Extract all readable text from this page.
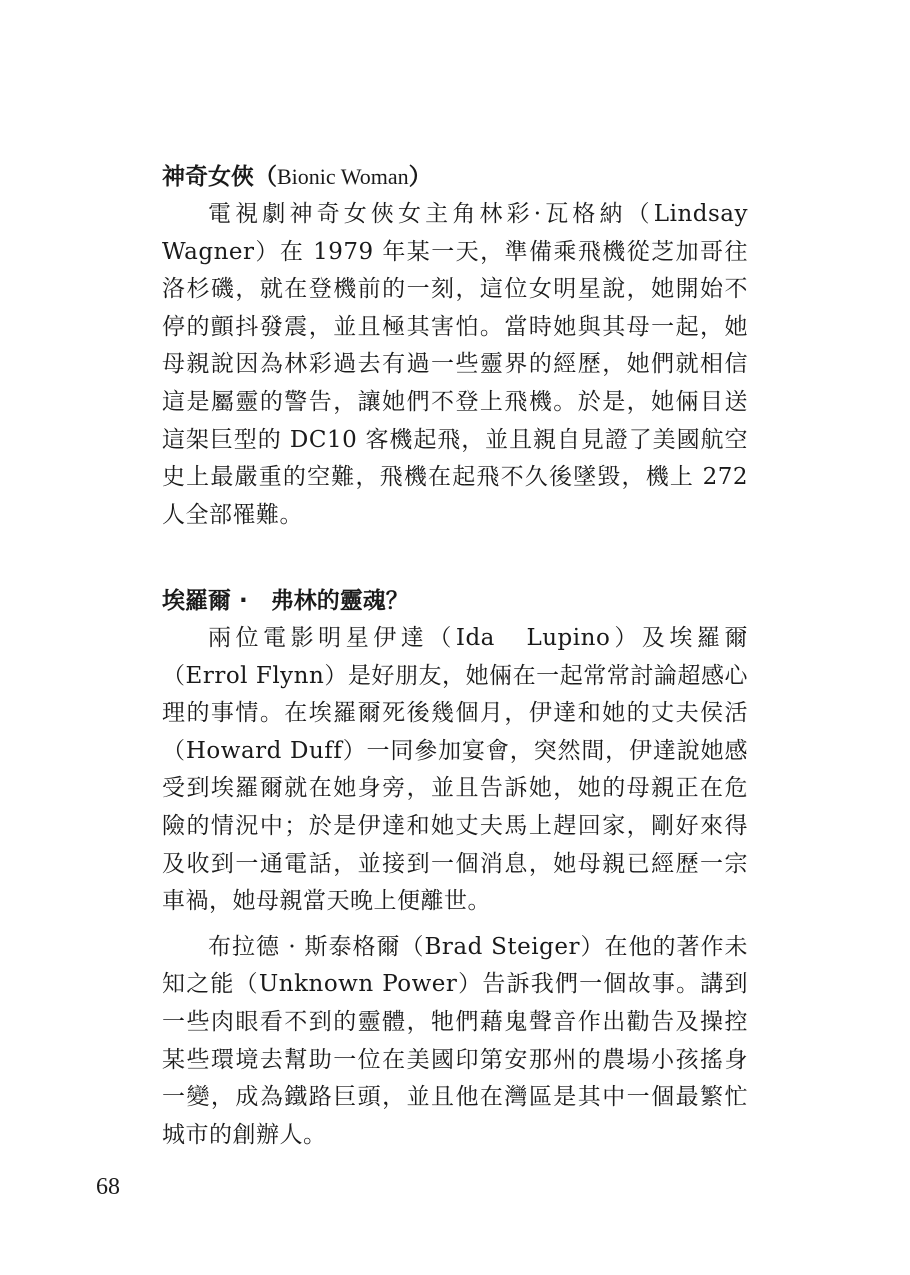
神奇女俠（Bionic Woman）

電視劇神奇女俠女主角林彩·瓦格納（Lindsay Wagner）在 1979 年某一天，準備乘飛機從芝加哥往洛杉磯，就在登機前的一刻，這位女明星說，她開始不停的顫抖發震，並且極其害怕。當時她與其母一起，她母親說因為林彩過去有過一些靈界的經歷，她們就相信這是屬靈的警告，讓她們不登上飛機。於是，她倆目送這架巨型的 DC10 客機起飛，並且親自見證了美國航空史上最嚴重的空難，飛機在起飛不久後墜毀，機上 272 人全部罹難。

埃羅爾 ·　弗林的靈魂？

兩位電影明星伊達（Ida　Lupino）及埃羅爾（Errol Flynn）是好朋友，她倆在一起常常討論超感心理的事情。在埃羅爾死後幾個月，伊達和她的丈夫侯活（Howard Duff）一同參加宴會，突然間，伊達說她感受到埃羅爾就在她身旁，並且告訴她，她的母親正在危險的情況中；於是伊達和她丈夫馬上趕回家，剛好來得及收到一通電話，並接到一個消息，她母親已經歷一宗車禍，她母親當天晚上便離世。

布拉德 · 斯泰格爾（Brad Steiger）在他的著作未知之能（Unknown Power）告訴我們一個故事。講到一些肉眼看不到的靈體，牠們藉鬼聲音作出勸告及操控某些環境去幫助一位在美國印第安那州的農場小孩搖身一變，成為鐵路巨頭，並且他在灣區是其中一個最繁忙城市的創辦人。

68
